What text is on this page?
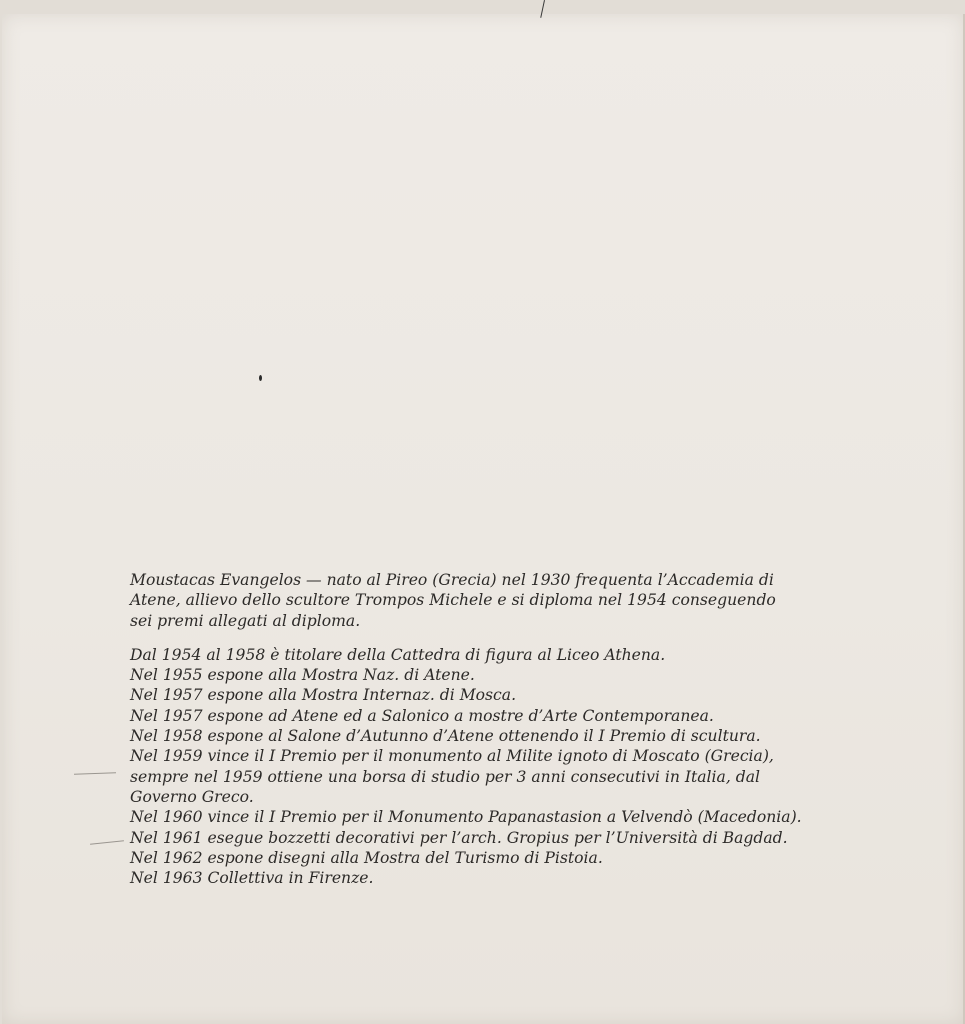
Moustacas Evangelos — nato al Pireo (Grecia) nel 1930 frequenta l’Accademia di

Atene, allievo dello scultore Trompos Michele e si diploma nel 1954 conseguendo

sei premi allegati al diploma.

Dal 1954 al 1958 è titolare della Cattedra di figura al Liceo Athena.

Nel 1955 espone alla Mostra Naz. di Atene.

Nel 1957 espone alla Mostra Internaz. di Mosca.

Nel 1957 espone ad Atene ed a Salonico a mostre d’Arte Contemporanea.

Nel 1958 espone al Salone d’Autunno d’Atene ottenendo il I Premio di scultura.

Nel 1959 vince il I Premio per il monumento al Milite ignoto di Moscato (Grecia),

sempre nel 1959 ottiene una borsa di studio per 3 anni consecutivi in Italia, dal

Governo Greco.

Nel 1960 vince il I Premio per il Monumento Papanastasion a Velvendò (Macedonia).

Nel 1961 esegue bozzetti decorativi per l’arch. Gropius per l’Università di Bagdad.

Nel 1962 espone disegni alla Mostra del Turismo di Pistoia.

Nel 1963 Collettiva in Firenze.
